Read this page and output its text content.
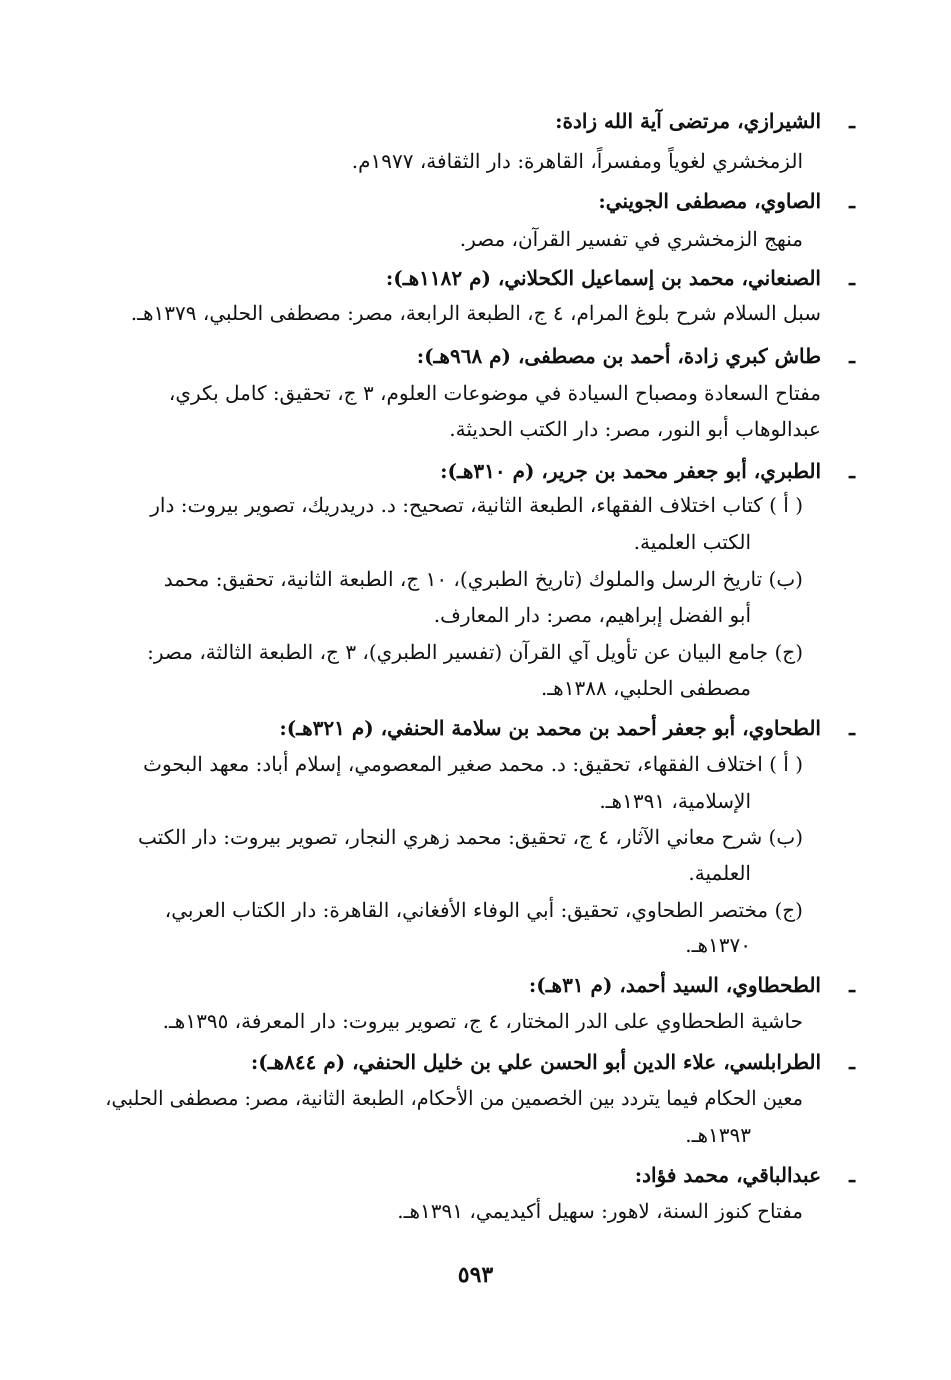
ـ
الشيرازي، مرتضى آية الله زادة:
الزمخشري لغوياً ومفسراً، القاهرة: دار الثقافة، ١٩٧٧م.
ـ
الصاوي، مصطفى الجويني:
منهج الزمخشري في تفسير القرآن، مصر.
ـ
الصنعاني، محمد بن إسماعيل الكحلاني، (م ١١٨٢هـ):
سبل السلام شرح بلوغ المرام، ٤ ج، الطبعة الرابعة، مصر: مصطفى الحلبي، ١٣٧٩هـ.
ـ
طاش كبري زادة، أحمد بن مصطفى، (م ٩٦٨هـ):
مفتاح السعادة ومصباح السيادة في موضوعات العلوم، ٣ ج، تحقيق: كامل بكري،
عبدالوهاب أبو النور، مصر: دار الكتب الحديثة.
ـ
الطبري، أبو جعفر محمد بن جرير، (م ٣١٠هـ):
( أ ) كتاب اختلاف الفقهاء، الطبعة الثانية، تصحيح: د. دريدريك، تصوير بيروت: دار
الكتب العلمية.
(ب) تاريخ الرسل والملوك (تاريخ الطبري)، ١٠ ج، الطبعة الثانية، تحقيق: محمد
أبو الفضل إبراهيم، مصر: دار المعارف.
(ج) جامع البيان عن تأويل آي القرآن (تفسير الطبري)، ٣ ج، الطبعة الثالثة، مصر:
مصطفى الحلبي، ١٣٨٨هـ.
ـ
الطحاوي، أبو جعفر أحمد بن محمد بن سلامة الحنفي، (م ٣٢١هـ):
( أ ) اختلاف الفقهاء، تحقيق: د. محمد صغير المعصومي، إسلام أباد: معهد البحوث
الإسلامية، ١٣٩١هـ.
(ب) شرح معاني الآثار، ٤ ج، تحقيق: محمد زهري النجار، تصوير بيروت: دار الكتب
العلمية.
(ج) مختصر الطحاوي، تحقيق: أبي الوفاء الأفغاني، القاهرة: دار الكتاب العربي،
١٣٧٠هـ.
ـ
الطحطاوي، السيد أحمد، (م ٣١هـ):
حاشية الطحطاوي على الدر المختار، ٤ ج، تصوير بيروت: دار المعرفة، ١٣٩٥هـ.
ـ
الطرابلسي، علاء الدين أبو الحسن علي بن خليل الحنفي، (م ٨٤٤هـ):
معين الحكام فيما يتردد بين الخصمين من الأحكام، الطبعة الثانية، مصر: مصطفى الحلبي،
١٣٩٣هـ.
ـ
عبدالباقي، محمد فؤاد:
مفتاح كنوز السنة، لاهور: سهيل أكيديمي، ١٣٩١هـ.
٥٩٣
